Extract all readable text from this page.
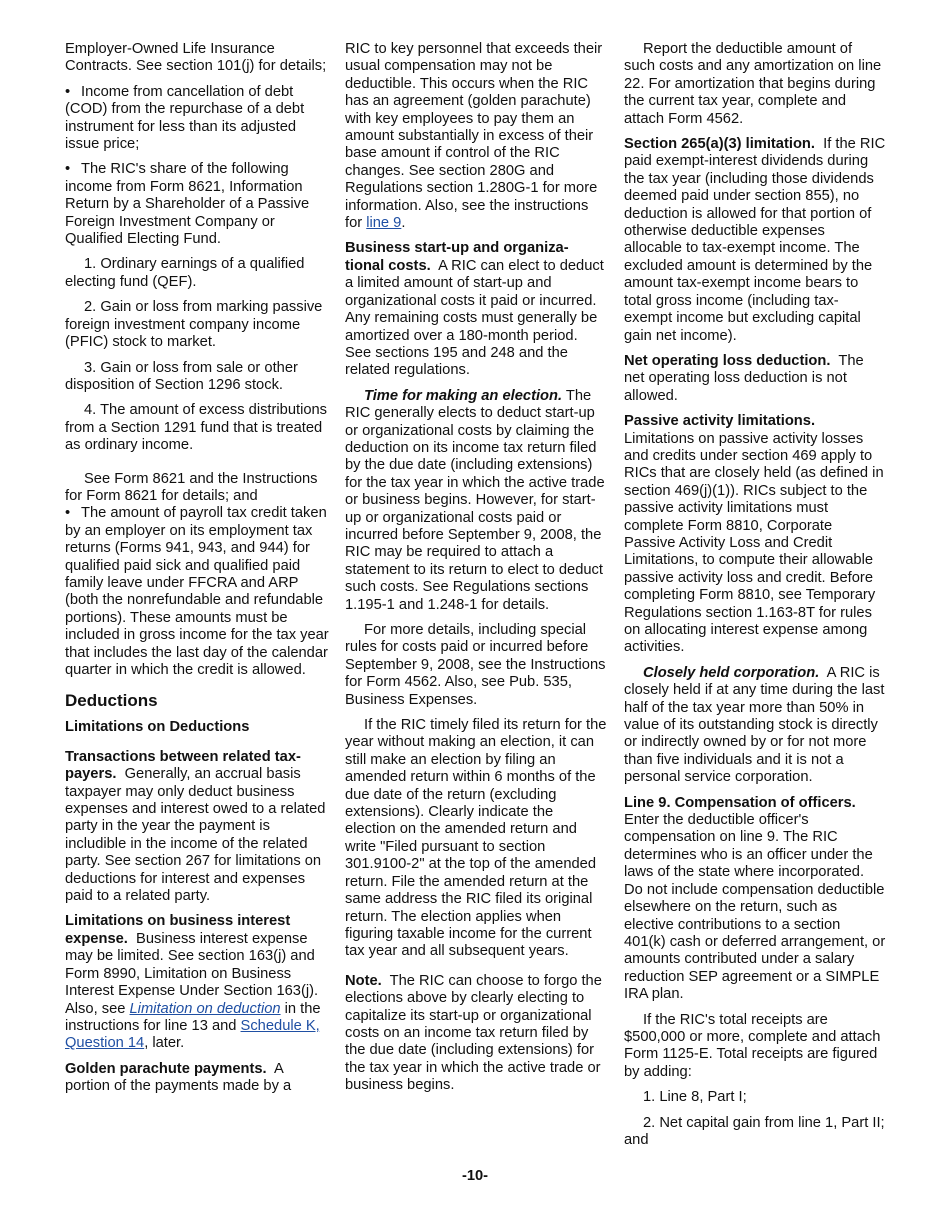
Employer-Owned Life Insurance Contracts. See section 101(j) for details;

• Income from cancellation of debt (COD) from the repurchase of a debt instrument for less than its adjusted issue price;

• The RIC's share of the following income from Form 8621, Information Return by a Shareholder of a Passive Foreign Investment Company or Qualified Electing Fund.

1. Ordinary earnings of a qualified electing fund (QEF).

2. Gain or loss from marking passive foreign investment company income (PFIC) stock to market.

3. Gain or loss from sale or other disposition of Section 1296 stock.

4. The amount of excess distributions from a Section 1291 fund that is treated as ordinary income.

See Form 8621 and the Instructions for Form 8621 for details; and

• The amount of payroll tax credit taken by an employer on its employment tax returns (Forms 941, 943, and 944) for qualified paid sick and qualified paid family leave under FFCRA and ARP (both the nonrefundable and refundable portions). These amounts must be included in gross income for the tax year that includes the last day of the calendar quarter in which the credit is allowed.

Deductions
Limitations on Deductions

Transactions between related tax-payers. Generally, an accrual basis taxpayer may only deduct business expenses and interest owed to a related party in the year the payment is includible in the income of the related party. See section 267 for limitations on deductions for interest and expenses paid to a related party.

Limitations on business interest expense. Business interest expense may be limited. See section 163(j) and Form 8990, Limitation on Business Interest Expense Under Section 163(j). Also, see Limitation on deduction in the instructions for line 13 and Schedule K, Question 14, later.

Golden parachute payments. A portion of the payments made by a

RIC to key personnel that exceeds their usual compensation may not be deductible. This occurs when the RIC has an agreement (golden parachute) with key employees to pay them an amount substantially in excess of their base amount if control of the RIC changes. See section 280G and Regulations section 1.280G-1 for more information. Also, see the instructions for line 9.

Business start-up and organiza-tional costs. A RIC can elect to deduct a limited amount of start-up and organizational costs it paid or incurred. Any remaining costs must generally be amortized over a 180-month period. See sections 195 and 248 and the related regulations.

Time for making an election. The RIC generally elects to deduct start-up or organizational costs by claiming the deduction on its income tax return filed by the due date (including extensions) for the tax year in which the active trade or business begins. However, for start-up or organizational costs paid or incurred before September 9, 2008, the RIC may be required to attach a statement to its return to elect to deduct such costs. See Regulations sections 1.195-1 and 1.248-1 for details.

For more details, including special rules for costs paid or incurred before September 9, 2008, see the Instructions for Form 4562. Also, see Pub. 535, Business Expenses.

If the RIC timely filed its return for the year without making an election, it can still make an election by filing an amended return within 6 months of the due date of the return (excluding extensions). Clearly indicate the election on the amended return and write "Filed pursuant to section 301.9100-2" at the top of the amended return. File the amended return at the same address the RIC filed its original return. The election applies when figuring taxable income for the current tax year and all subsequent years.

Note. The RIC can choose to forgo the elections above by clearly electing to capitalize its start-up or organizational costs on an income tax return filed by the due date (including extensions) for the tax year in which the active trade or business begins.

Report the deductible amount of such costs and any amortization on line 22. For amortization that begins during the current tax year, complete and attach Form 4562.

Section 265(a)(3) limitation. If the RIC paid exempt-interest dividends during the tax year (including those dividends deemed paid under section 855), no deduction is allowed for that portion of otherwise deductible expenses allocable to tax-exempt income. The excluded amount is determined by the amount tax-exempt income bears to total gross income (including tax-exempt income but excluding capital gain net income).

Net operating loss deduction. The net operating loss deduction is not allowed.

Passive activity limitations. Limitations on passive activity losses and credits under section 469 apply to RICs that are closely held (as defined in section 469(j)(1)). RICs subject to the passive activity limitations must complete Form 8810, Corporate Passive Activity Loss and Credit Limitations, to compute their allowable passive activity loss and credit. Before completing Form 8810, see Temporary Regulations section 1.163-8T for rules on allocating interest expense among activities.

Closely held corporation. A RIC is closely held if at any time during the last half of the tax year more than 50% in value of its outstanding stock is directly or indirectly owned by or for not more than five individuals and it is not a personal service corporation.

Line 9. Compensation of officers. Enter the deductible officer's compensation on line 9. The RIC determines who is an officer under the laws of the state where incorporated. Do not include compensation deductible elsewhere on the return, such as elective contributions to a section 401(k) cash or deferred arrangement, or amounts contributed under a salary reduction SEP agreement or a SIMPLE IRA plan.

If the RIC's total receipts are $500,000 or more, complete and attach Form 1125-E. Total receipts are figured by adding:

1. Line 8, Part I;

2. Net capital gain from line 1, Part II; and

-10-
